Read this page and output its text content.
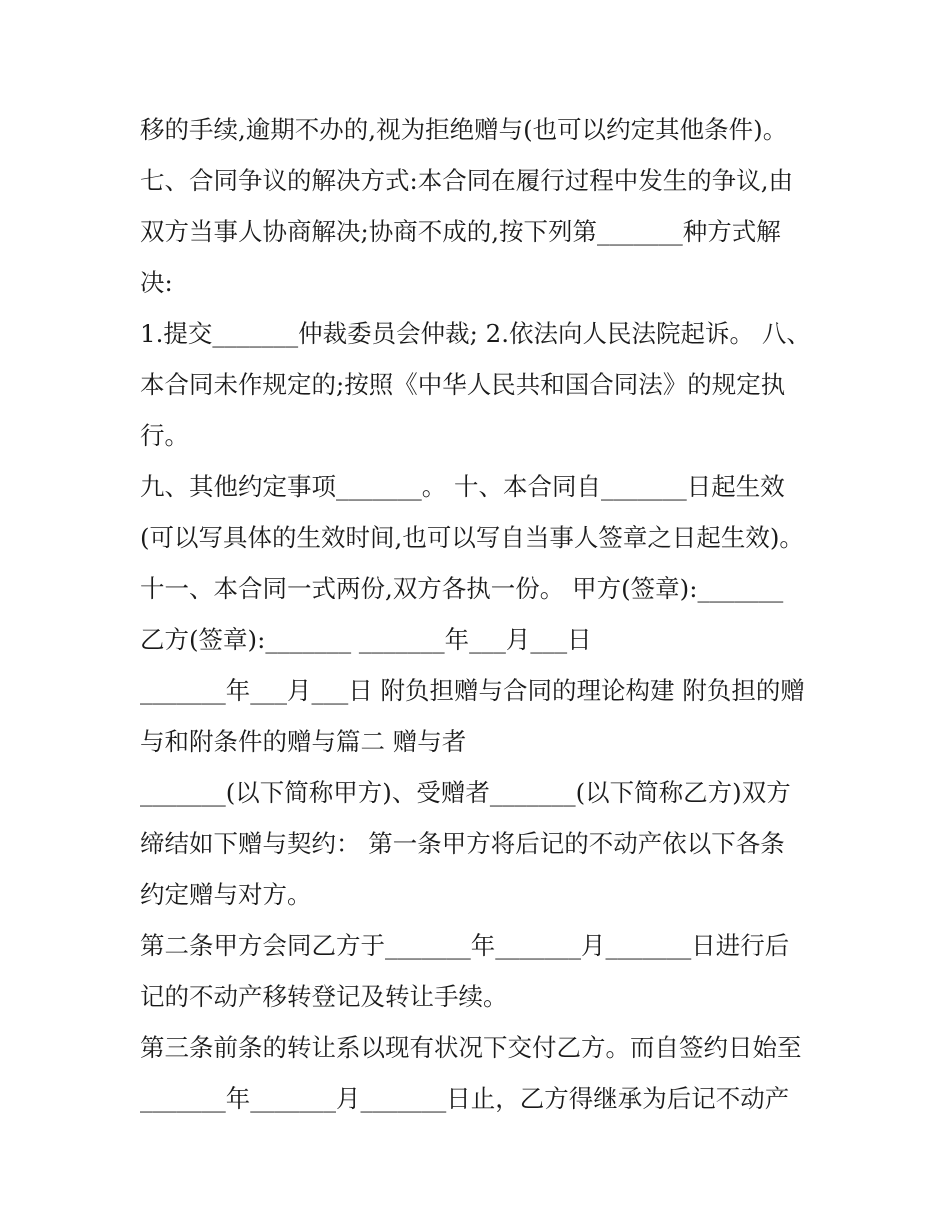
移的手续,逾期不办的,视为拒绝赠与(也可以约定其他条件)。
七、合同争议的解决方式:本合同在履行过程中发生的争议,由
双方当事人协商解决;协商不成的,按下列第_______种方式解
决:
1.提交_______仲裁委员会仲裁; 2.依法向人民法院起诉。 八、
本合同未作规定的;按照《中华人民共和国合同法》的规定执
行。
九、其他约定事项_______。 十、本合同自_______日起生效
(可以写具体的生效时间,也可以写自当事人签章之日起生效)。
十一、本合同一式两份,双方各执一份。 甲方(签章):_______
乙方(签章):_______ _______年___月___日
_______年___月___日 附负担赠与合同的理论构建 附负担的赠
与和附条件的赠与篇二 赠与者
_______(以下简称甲方)、受赠者_______(以下简称乙方)双方
缔结如下赠与契约： 第一条甲方将后记的不动产依以下各条
约定赠与对方。
第二条甲方会同乙方于_______年_______月_______日进行后
记的不动产移转登记及转让手续。
第三条前条的转让系以现有状况下交付乙方。而自签约日始至
_______年_______月_______日止，乙方得继承为后记不动产
